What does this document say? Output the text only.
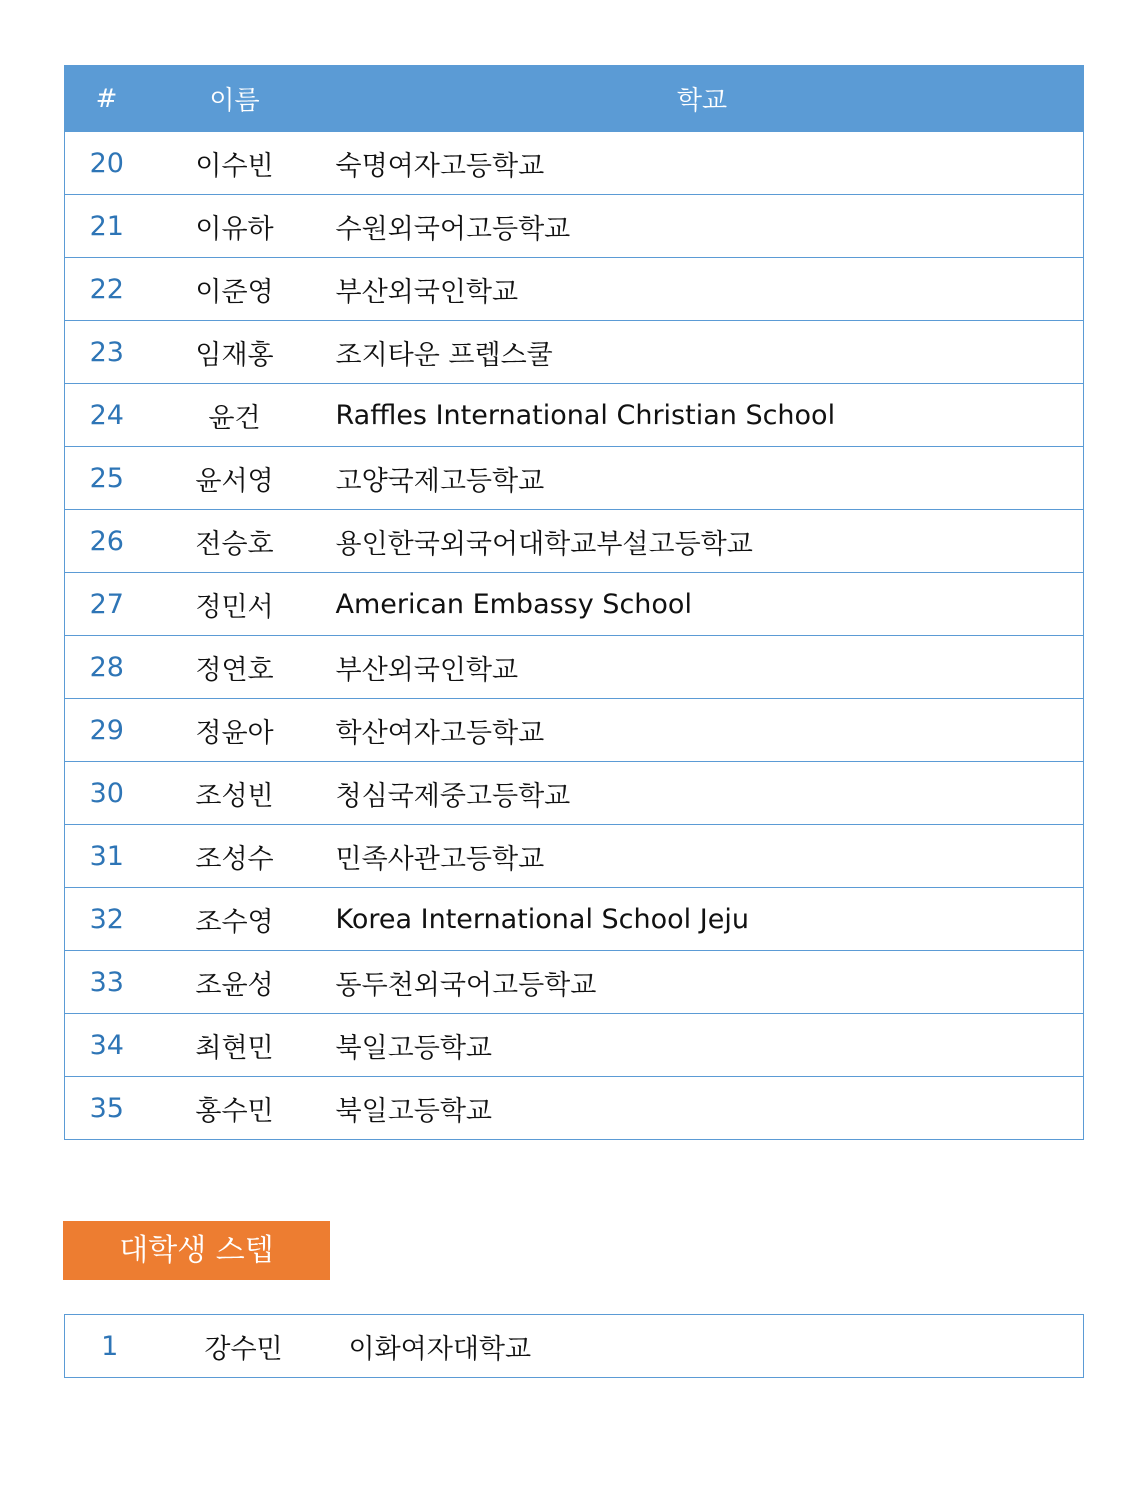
#	이름	학교
20	이수빈	숙명여자고등학교
21	이유하	수원외국어고등학교
22	이준영	부산외국인학교
23	임재홍	조지타운 프렙스쿨
24	윤건	Raffles International Christian School
25	윤서영	고양국제고등학교
26	전승호	용인한국외국어대학교부설고등학교
27	정민서	American Embassy School
28	정연호	부산외국인학교
29	정윤아	학산여자고등학교
30	조성빈	청심국제중고등학교
31	조성수	민족사관고등학교
32	조수영	Korea International School Jeju
33	조윤성	동두천외국어고등학교
34	최현민	북일고등학교
35	홍수민	북일고등학교
대학생 스텝
1	강수민	이화여자대학교
